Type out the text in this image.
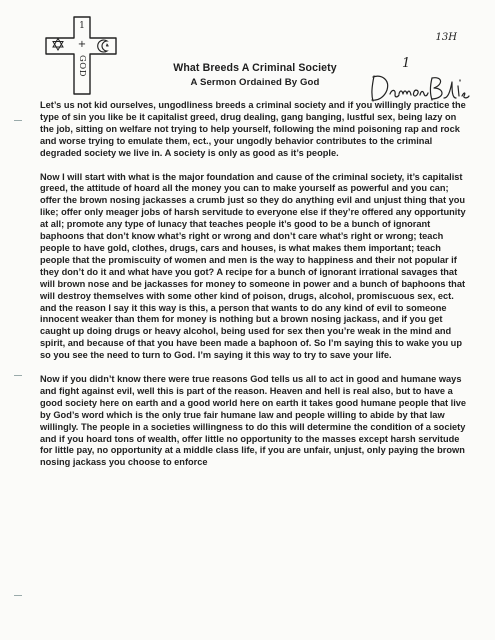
1
+
GOD
13H
1
What Breeds A Criminal Society
A Sermon Ordained By God

Let’s us not kid ourselves, ungodliness breeds a criminal society and if you willingly practice the type of sin you like be it capitalist greed, drug dealing, gang banging, lustful sex, being lazy on the job, sitting on welfare not trying to help yourself, following the mind poisoning rap and rock and worse trying to emulate them, ect., your ungodly behavior contributes to the criminal degraded society we live in. A society is only as good as it’s people.

Now I will start with what is the major foundation and cause of the criminal society, it’s capitalist greed, the attitude of hoard all the money you can to make yourself as powerful and you can; offer the brown nosing jackasses a crumb just so they do anything evil and unjust thing that you like; offer only meager jobs of harsh servitude to everyone else if they’re offered any opportunity at all; promote any type of lunacy that teaches people it’s good to be a bunch of ignorant baphoons that don’t know what’s right or wrong and don’t care what’s right or wrong; teach people to have gold, clothes, drugs, cars and houses, is what makes them important; teach people that the promiscuity of women and men is the way to happiness and their not popular if they don’t do it and what have you got? A recipe for a bunch of ignorant irrational savages that will brown nose and be jackasses for money to someone in power and a bunch of baphoons that will destroy themselves with some other kind of poison, drugs, alcohol, promiscuous sex, ect. and the reason I say it this way is this, a person that wants to do any kind of evil to someone innocent weaker than them for money is nothing but a brown nosing jackass, and if you get caught up doing drugs or heavy alcohol, being used for sex then you’re weak in the mind and spirit, and because of that you have been made a baphoon of. So I’m saying this to wake you up so you see the need to turn to God. I’m saying it this way to try to save your life.

Now if you didn’t know there were true reasons God tells us all to act in good and humane ways and fight against evil, well this is part of the reason. Heaven and hell is real also, but to have a good society here on earth and a good world here on earth it takes good humane people that live by God’s word which is the only true fair humane law and people willing to abide by that law willingly. The people in a societies willingness to do this will determine the condition of a society and if you hoard tons of wealth, offer little no opportunity to the masses except harsh servitude for little pay, no opportunity at a middle class life, if you are unfair, unjust, only paying the brown nosing jackass you choose to enforce
